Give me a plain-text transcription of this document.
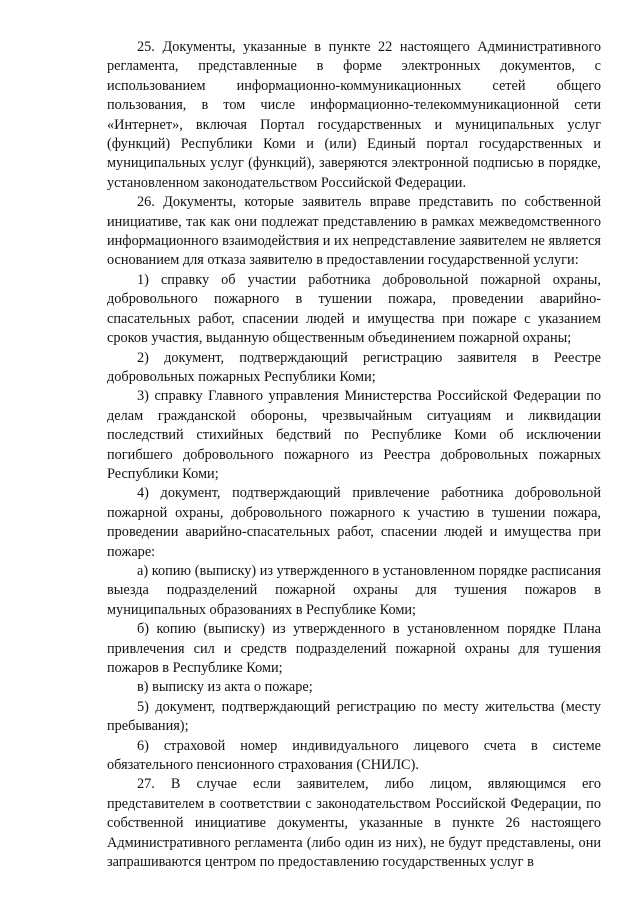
25. Документы, указанные в пункте 22 настоящего Административного регламента, представленные в форме электронных документов, с использованием информационно-коммуникационных сетей общего пользования, в том числе информационно-телекоммуникационной сети «Интернет», включая Портал государственных и муниципальных услуг (функций) Республики Коми и (или) Единый портал государственных и муниципальных услуг (функций), заверяются электронной подписью в порядке, установленном законодательством Российской Федерации.

26. Документы, которые заявитель вправе представить по собственной инициативе, так как они подлежат представлению в рамках межведомственного информационного взаимодействия и их непредставление заявителем не является основанием для отказа заявителю в предоставлении государственной услуги:

1) справку об участии работника добровольной пожарной охраны, добровольного пожарного в тушении пожара, проведении аварийно-спасательных работ, спасении людей и имущества при пожаре с указанием сроков участия, выданную общественным объединением пожарной охраны;

2) документ, подтверждающий регистрацию заявителя в Реестре добровольных пожарных Республики Коми;

3) справку Главного управления Министерства Российской Федерации по делам гражданской обороны, чрезвычайным ситуациям и ликвидации последствий стихийных бедствий по Республике Коми об исключении погибшего добровольного пожарного из Реестра добровольных пожарных Республики Коми;

4) документ, подтверждающий привлечение работника добровольной пожарной охраны, добровольного пожарного к участию в тушении пожара, проведении аварийно-спасательных работ, спасении людей и имущества при пожаре:

а) копию (выписку) из утвержденного в установленном порядке расписания выезда подразделений пожарной охраны для тушения пожаров в муниципальных образованиях в Республике Коми;

б) копию (выписку) из утвержденного в установленном порядке Плана привлечения сил и средств подразделений пожарной охраны для тушения пожаров в Республике Коми;

в) выписку из акта о пожаре;

5) документ, подтверждающий регистрацию по месту жительства (месту пребывания);

6) страховой номер индивидуального лицевого счета в системе обязательного пенсионного страхования (СНИЛС).

27. В случае если заявителем, либо лицом, являющимся его представителем в соответствии с законодательством Российской Федерации, по собственной инициативе документы, указанные в пункте 26 настоящего Административного регламента (либо один из них), не будут представлены, они запрашиваются центром по предоставлению государственных услуг в
